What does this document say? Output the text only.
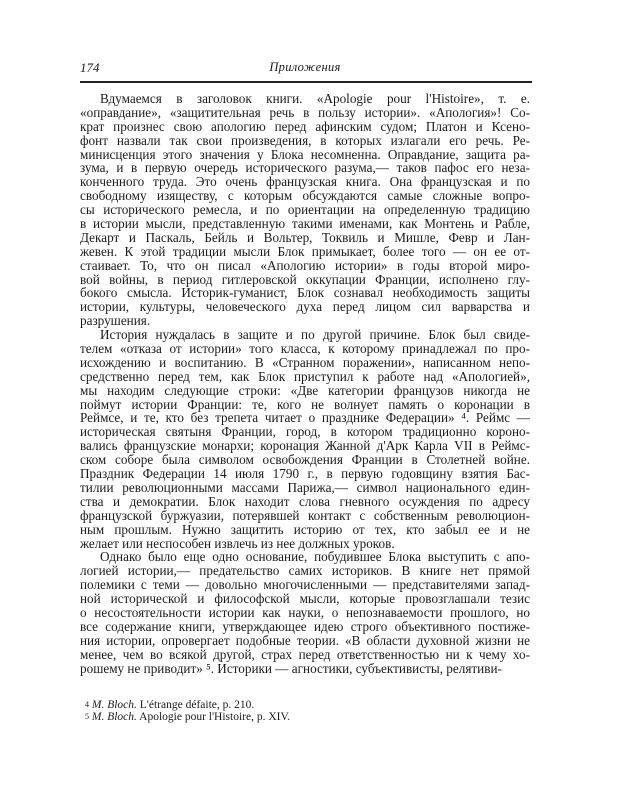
174	Приложения
Вдумаемся в заголовок книги. «Apologie pour l'Histoire», т. е.
«оправдание», «защитительная речь в пользу истории». «Апология»! Со-
крат произнес свою апологию перед афинским судом; Платон и Ксено-
фонт назвали так свои произведения, в которых излагали его речь. Ре-
минисценция этого значения у Блока несомненна. Оправдание, защита ра-
зума, и в первую очередь исторического разума,— таков пафос его неза-
конченного труда. Это очень французская книга. Она французская и по
свободному изяществу, с которым обсуждаются самые сложные вопро-
сы исторического ремесла, и по ориентации на определенную традицию
в истории мысли, представленную такими именами, как Монтень и Рабле,
Декарт и Паскаль, Бейль и Вольтер, Токвиль и Мишле, Февр и Лан-
жевен. К этой традиции мысли Блок примыкает, более того — он ее от-
стаивает. То, что он писал «Апологию истории» в годы второй миро-
вой войны, в период гитлеровской оккупации Франции, исполнено глу-
бокого смысла. Историк-гуманист, Блок сознавал необходимость защиты
истории, культуры, человеческого духа перед лицом сил варварства и
разрушения.
История нуждалась в защите и по другой причине. Блок был свиде-
телем «отказа от истории» того класса, к которому принадлежал по про-
исхождению и воспитанию. В «Странном поражении», написанном непо-
средственно перед тем, как Блок приступил к работе над «Апологией»,
мы находим следующие строки: «Две категории французов никогда не
поймут истории Франции: те, кого не волнует память о коронации в
Реймсе, и те, кто без трепета читает о празднике Федерации» ⁴. Реймс —
историческая святыня Франции, город, в котором традиционно короно-
вались французские монархи; коронация Жанной д'Арк Карла VII в Реймс-
ском соборе была символом освобождения Франции в Столетней войне.
Праздник Федерации 14 июля 1790 г., в первую годовщину взятия Бас-
тилии революционными массами Парижа,— символ национального един-
ства и демократии. Блок находит слова гневного осуждения по адресу
французской буржуазии, потерявшей контакт с собственным революцион-
ным прошлым. Нужно защитить историю от тех, кто забыл ее и не
желает или неспособен извлечь из нее должных уроков.
Однако было еще одно основание, побудившее Блока выступить с апо-
логией истории,— предательство самих историков. В книге нет прямой
полемики с теми — довольно многочисленными — представителями запад-
ной исторической и философской мысли, которые провозглашали тезис
о несостоятельности истории как науки, о непознаваемости прошлого, но
все содержание книги, утверждающее идею строго объективного постиже-
ния истории, опровергает подобные теории. «В области духовной жизни не
менее, чем во всякой другой, страх перед ответственностью ни к чему хо-
рошему не приводит» ⁵. Историки — агностики, субъективисты, релятиви-
$^4$ M. Bloch. L'étrange défaite, p. 210.
$^5$ M. Bloch. Apologie pour l'Histoire, p. XIV.
